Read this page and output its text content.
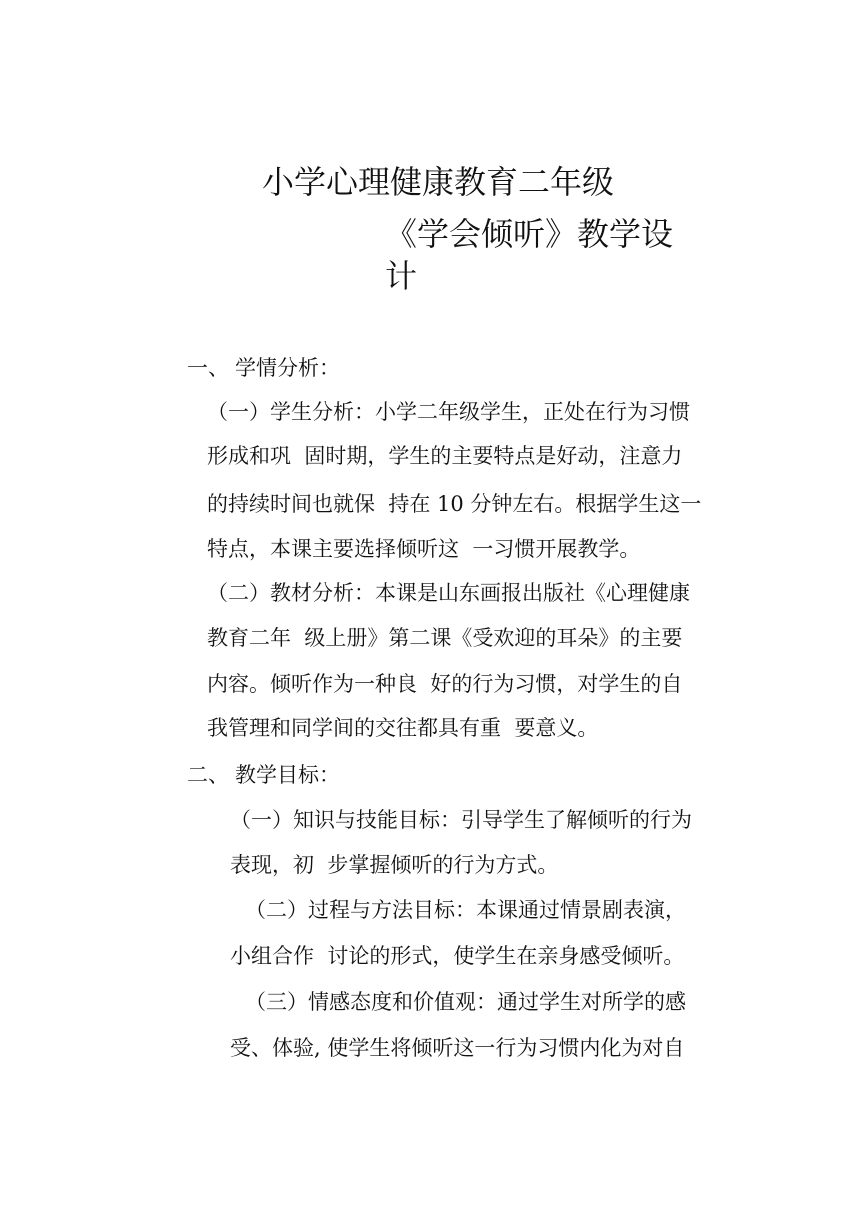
小学心理健康教育二年级
《学会倾听》教学设
计
一、 学情分析：
（一）学生分析：小学二年级学生，正处在行为习惯
形成和巩  固时期，学生的主要特点是好动，注意力
的持续时间也就保  持在 10 分钟左右。根据学生这一
特点，本课主要选择倾听这  一习惯开展教学。
（二）教材分析：本课是山东画报出版社《心理健康
教育二年  级上册》第二课《受欢迎的耳朵》的主要
内容。倾听作为一种良  好的行为习惯，对学生的自
我管理和同学间的交往都具有重  要意义。
二、 教学目标：
（一）知识与技能目标：引导学生了解倾听的行为
表现，初  步掌握倾听的行为方式。
（二）过程与方法目标：本课通过情景剧表演，
小组合作  讨论的形式，使学生在亲身感受倾听。
（三）情感态度和价值观：通过学生对所学的感
受、体验, 使学生将倾听这一行为习惯内化为对自
